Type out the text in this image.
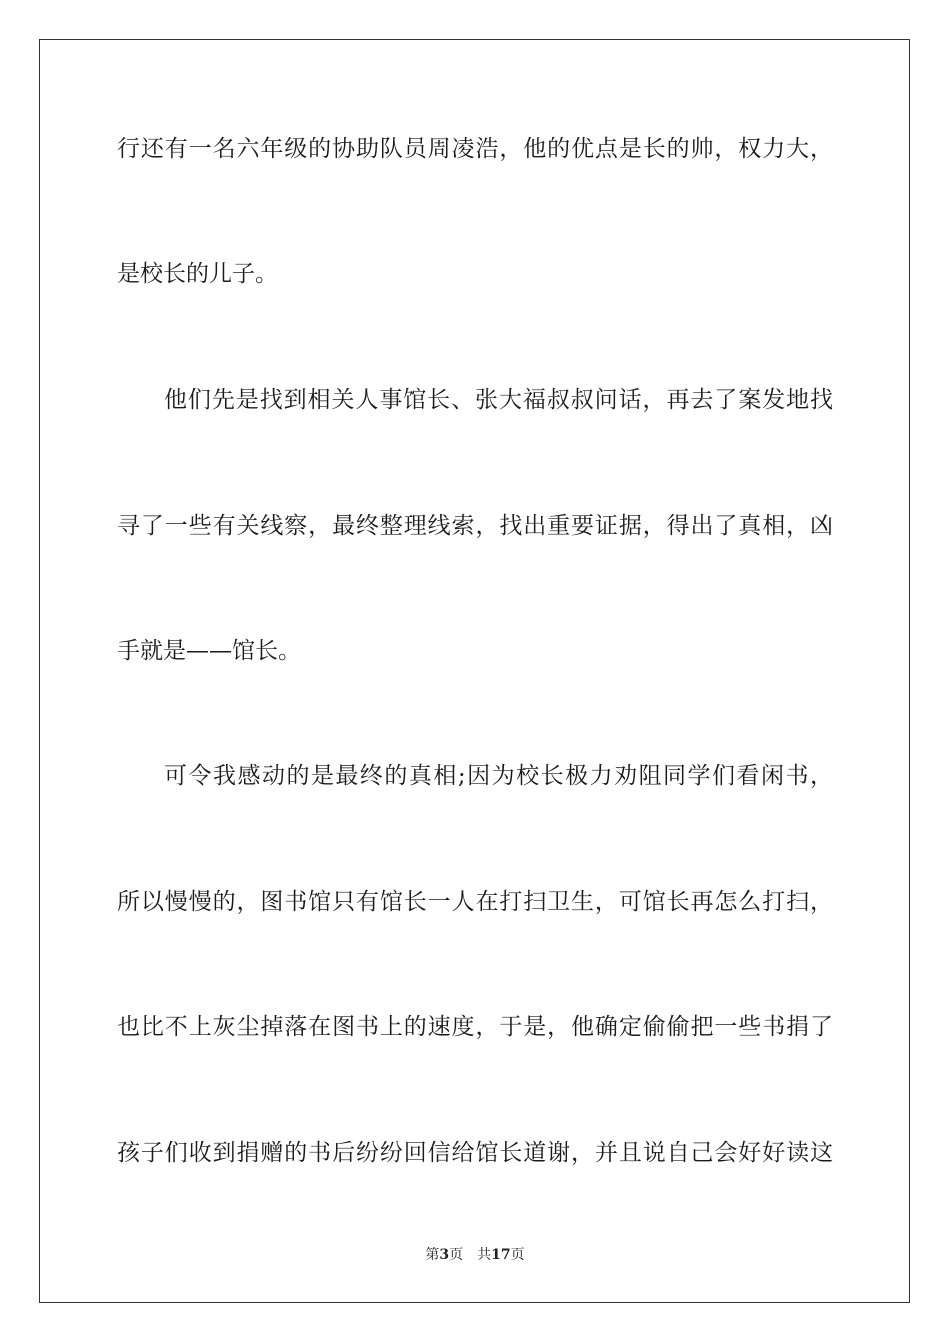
行还有一名六年级的协助队员周凌浩，他的优点是长的帅，权力大，
是校长的儿子。
他们先是找到相关人事馆长、张大福叔叔问话，再去了案发地找
寻了一些有关线察，最终整理线索，找出重要证据，得出了真相，凶
手就是——馆长。
可令我感动的是最终的真相;因为校长极力劝阻同学们看闲书，
所以慢慢的，图书馆只有馆长一人在打扫卫生，可馆长再怎么打扫，
也比不上灰尘掉落在图书上的速度，于是，他确定偷偷把一些书捐了
孩子们收到捐赠的书后纷纷回信给馆长道谢，并且说自己会好好读这
第3页 共17页
